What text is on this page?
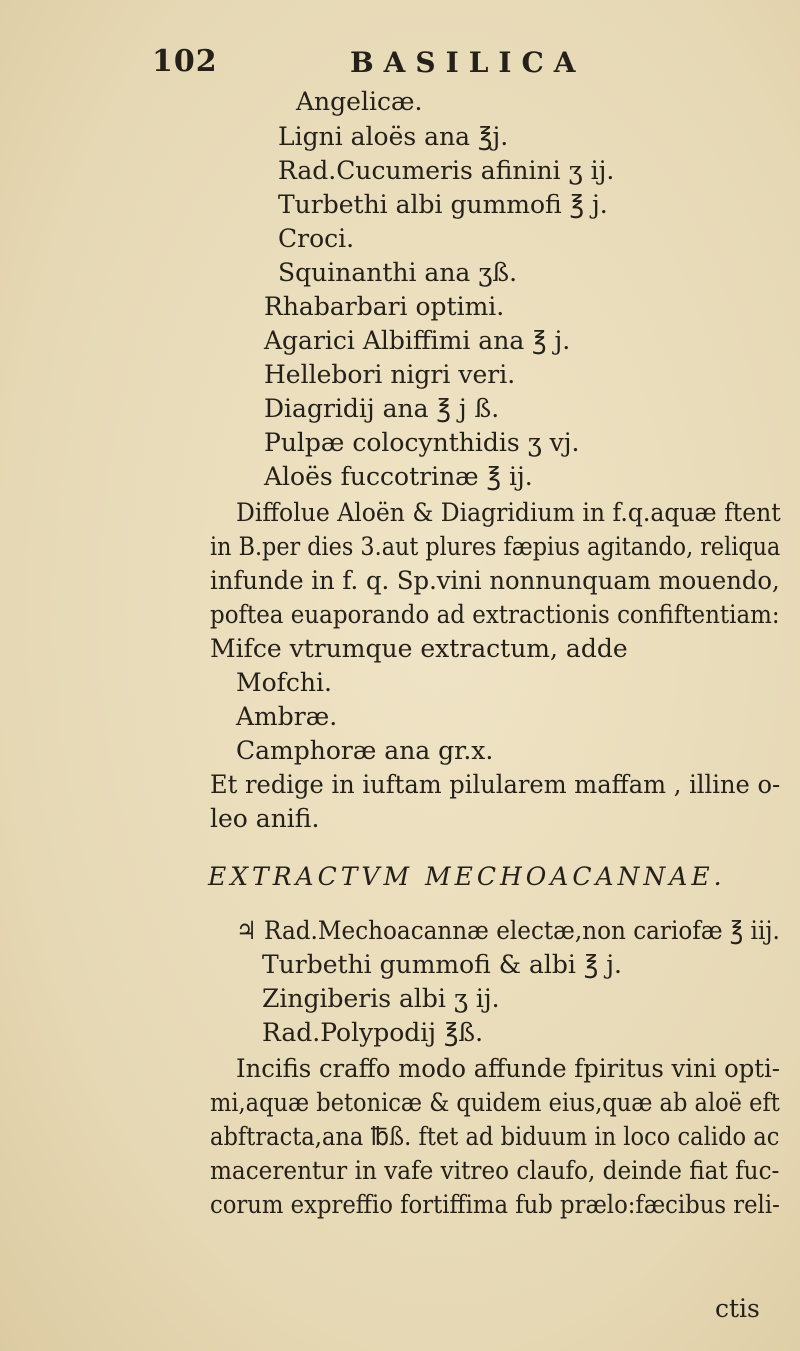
102	BASILICA
Angelicæ.
Ligni aloës ana ℥j.
Rad.Cucumeris afinini ʒ ij.
Turbethi albi gummofi ℥ j.
Croci.
Squinanthi ana ʒß.
Rhabarbari optimi.
Agarici Albiffimi ana ℥ j.
Hellebori nigri veri.
Diagridij ana ℥ j ß.
Pulpæ colocynthidis ʒ vj.
Aloës fuccotrinæ ℥ ij.
Diffolue Aloën & Diagridium in f.q.aquæ ftent
in B.per dies 3.aut plures fæpius agitando, reliqua
infunde in f. q. Sp.vini nonnunquam mouendo,
poftea euaporando ad extractionis confiftentiam:
Mifce vtrumque extractum, adde
Mofchi.
Ambræ.
Camphoræ ana gr.x.
Et redige in iuftam pilularem maffam , illine o-
leo anifi.
EXTRACTVM MECHOACANNAE.
♃ Rad.Mechoacannæ electæ,non cariofæ ℥ iij.
Turbethi gummofi & albi ℥ j.
Zingiberis albi ʒ ij.
Rad.Polypodij ℥ß.
Incifis craffo modo affunde fpiritus vini opti-
mi,aquæ betonicæ & quidem eius,quæ ab aloë eft
abftracta,ana ℔ß. ftet ad biduum in loco calido ac
macerentur in vafe vitreo claufo, deinde fiat fuc-
corum expreffio fortiffima fub prælo:fæcibus reli-
ctis
